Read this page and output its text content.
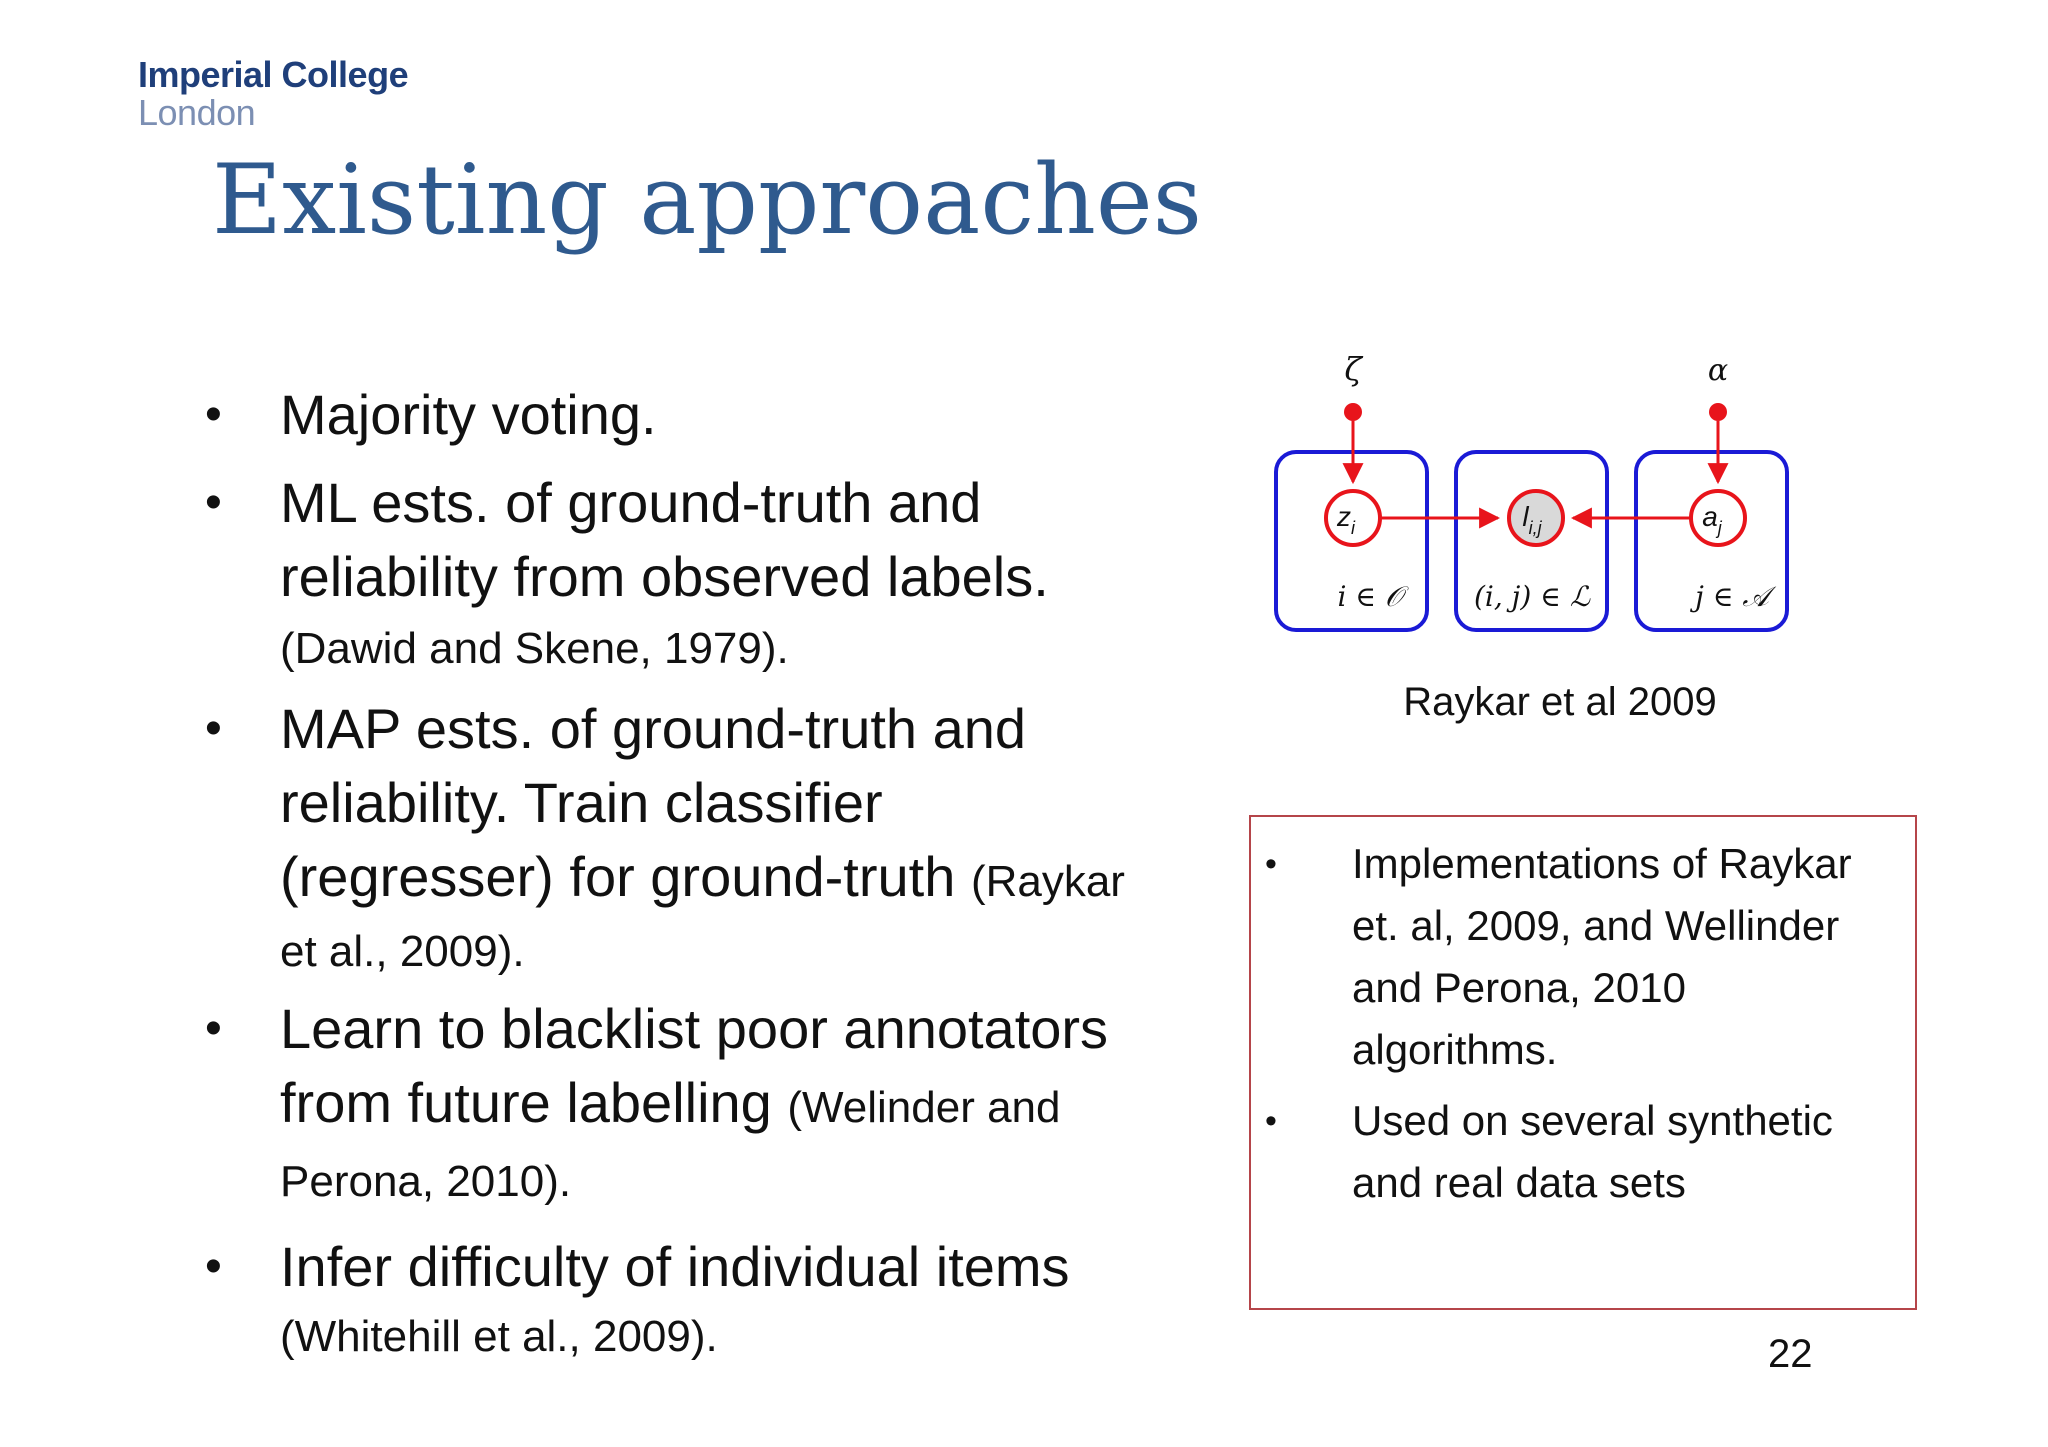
Imperial College
London
Existing approaches
• Majority voting.
• ML ests. of ground-truth and
reliability from observed labels.
(Dawid and Skene, 1979).
• MAP ests. of ground-truth and
reliability. Train classifier
(regresser) for ground-truth (Raykar
et al., 2009).
• Learn to blacklist poor annotators
from future labelling (Welinder and
Perona, 2010).
• Infer difficulty of individual items
(Whitehill et al., 2009).
ζ	α
$z_i$	$l_{i,j}$	$a_j$
i ∈ 𝒪	(i, j) ∈ ℒ	j ∈ 𝒜
Raykar et al 2009
• Implementations of Raykar
et. al, 2009, and Wellinder
and Perona, 2010
algorithms.
• Used on several synthetic
and real data sets
22
